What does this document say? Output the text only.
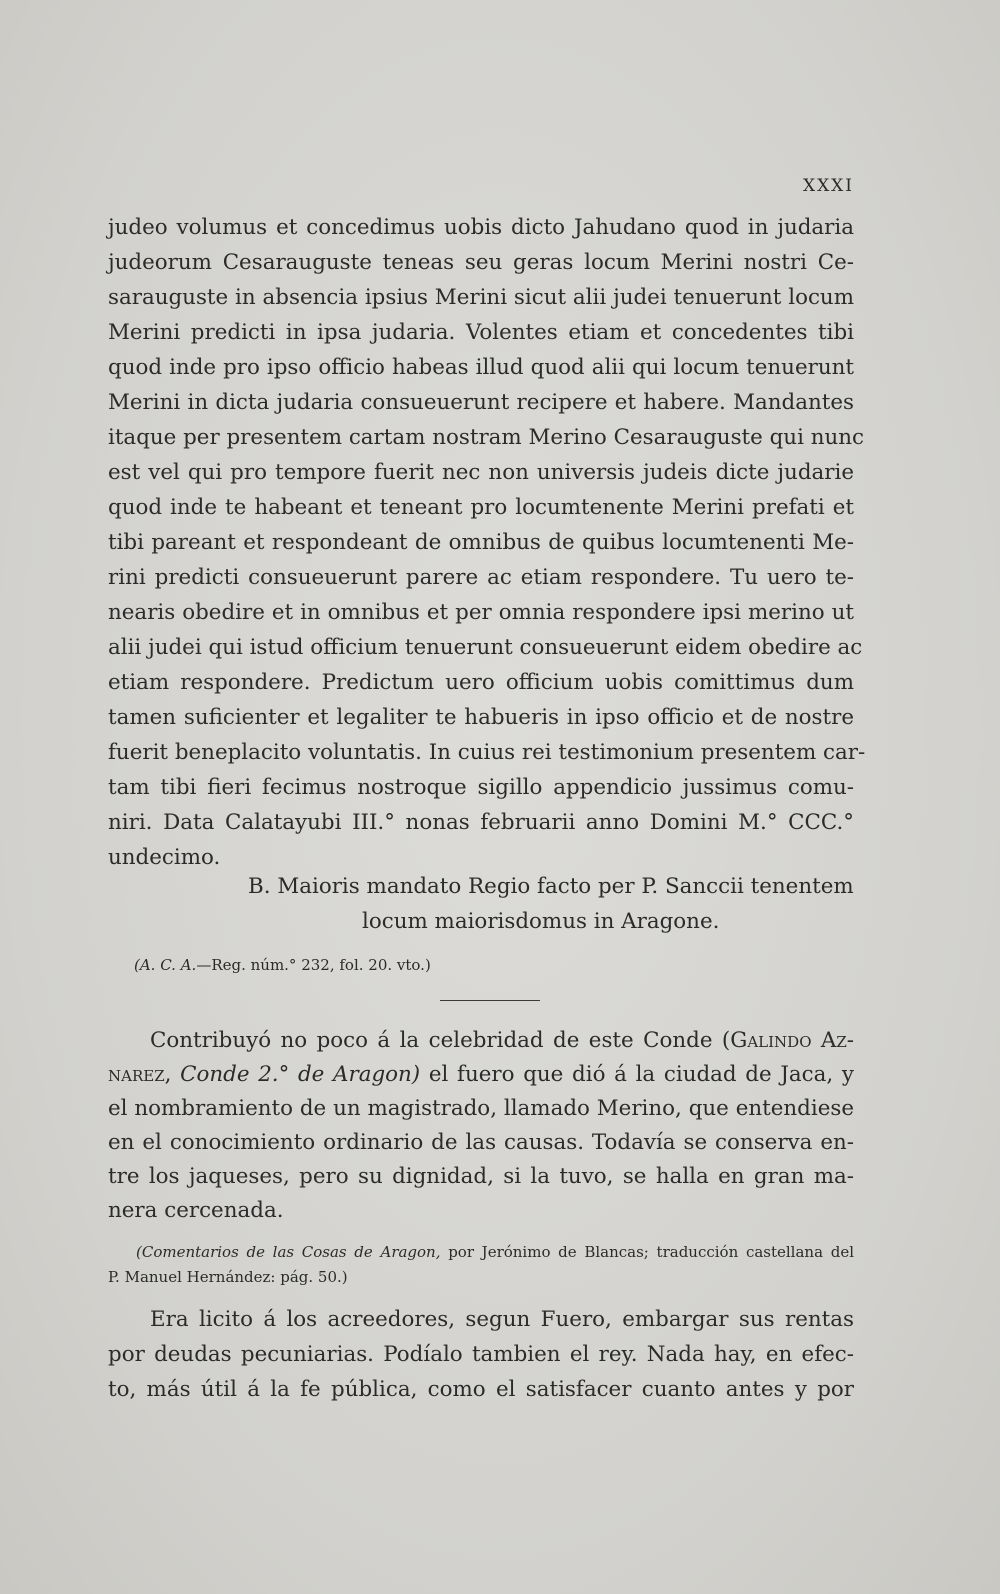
XXXI
judeo volumus et concedimus uobis dicto Jahudano quod in judaria
judeorum Cesarauguste teneas seu geras locum Merini nostri Ce-
sarauguste in absencia ipsius Merini sicut alii judei tenuerunt locum
Merini predicti in ipsa judaria. Volentes etiam et concedentes tibi
quod inde pro ipso officio habeas illud quod alii qui locum tenuerunt
Merini in dicta judaria consueuerunt recipere et habere. Mandantes
itaque per presentem cartam nostram Merino Cesarauguste qui nunc
est vel qui pro tempore fuerit nec non universis judeis dicte judarie
quod inde te habeant et teneant pro locumtenente Merini prefati et
tibi pareant et respondeant de omnibus de quibus locumtenenti Me-
rini predicti consueuerunt parere ac etiam respondere. Tu uero te-
nearis obedire et in omnibus et per omnia respondere ipsi merino ut
alii judei qui istud officium tenuerunt consueuerunt eidem obedire ac
etiam respondere. Predictum uero officium uobis comittimus dum
tamen suficienter et legaliter te habueris in ipso officio et de nostre
fuerit beneplacito voluntatis. In cuius rei testimonium presentem car-
tam tibi fieri fecimus nostroque sigillo appendicio jussimus comu-
niri. Data Calatayubi III.° nonas februarii anno Domini M.° CCC.°
undecimo.
B. Maioris mandato Regio facto per P. Sanccii tenentem
locum maiorisdomus in Aragone.
(A. C. A.—Reg. núm.° 232, fol. 20. vto.)
Contribuyó no poco á la celebridad de este Conde (Galindo Az-
narez, Conde 2.° de Aragon) el fuero que dió á la ciudad de Jaca, y
el nombramiento de un magistrado, llamado Merino, que entendiese
en el conocimiento ordinario de las causas. Todavía se conserva en-
tre los jaqueses, pero su dignidad, si la tuvo, se halla en gran ma-
nera cercenada.
(Comentarios de las Cosas de Aragon, por Jerónimo de Blancas; traducción castellana del
P. Manuel Hernández: pág. 50.)
Era licito á los acreedores, segun Fuero, embargar sus rentas
por deudas pecuniarias. Podíalo tambien el rey. Nada hay, en efec-
to, más útil á la fe pública, como el satisfacer cuanto antes y por
